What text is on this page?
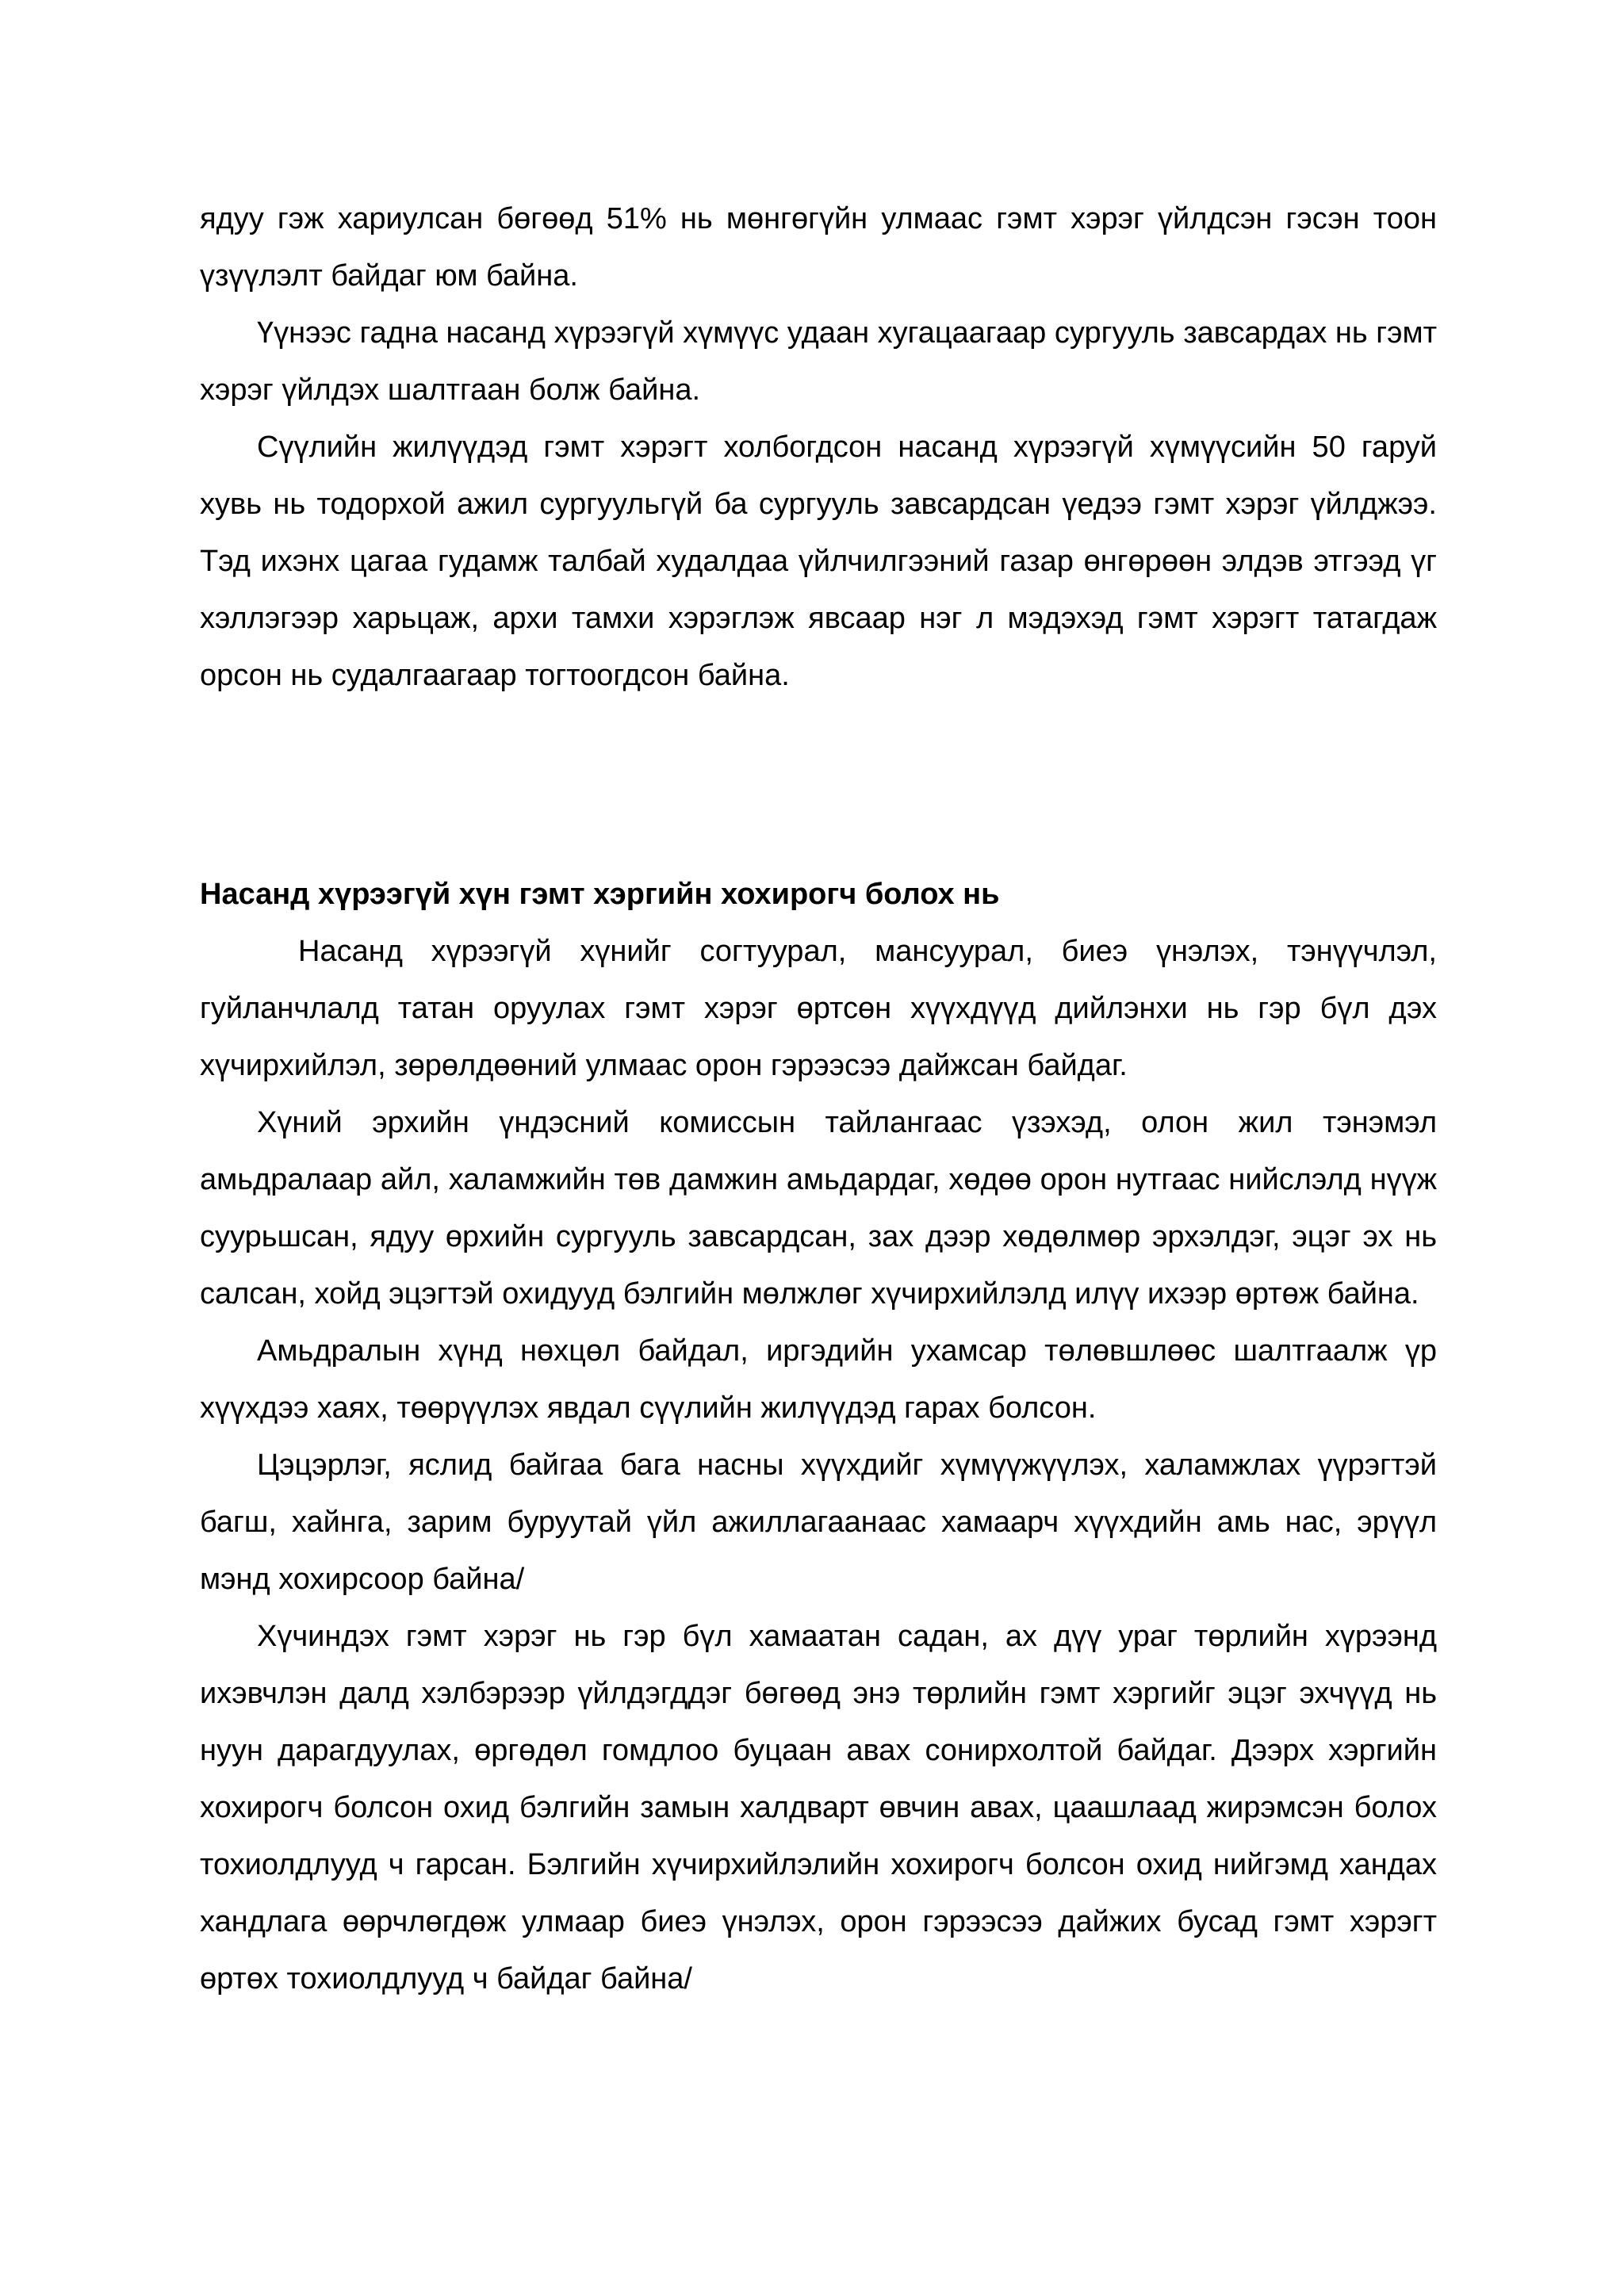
ядуу гэж хариулсан бөгөөд 51% нь мөнгөгүйн улмаас гэмт хэрэг үйлдсэн гэсэн тоон үзүүлэлт байдаг юм байна.

Үүнээс гадна насанд хүрээгүй хүмүүс удаан хугацаагаар сургууль завсардах нь гэмт хэрэг үйлдэх шалтгаан болж байна.

Сүүлийн жилүүдэд гэмт хэрэгт холбогдсон насанд хүрээгүй хүмүүсийн 50 гаруй хувь нь тодорхой ажил сургуульгүй ба сургууль завсардсан үедээ гэмт хэрэг үйлджээ. Тэд ихэнх цагаа гудамж талбай худалдаа үйлчилгээний газар өнгөрөөн элдэв этгээд үг хэллэгээр харьцаж, архи тамхи хэрэглэж явсаар нэг л мэдэхэд гэмт хэрэгт татагдаж орсон нь судалгаагаар тогтоогдсон байна.

Насанд хүрээгүй хүн гэмт хэргийн хохирогч болох нь

Насанд хүрээгүй хүнийг согтуурал, мансуурал, биеэ үнэлэх, тэнүүчлэл, гуйланчлалд татан оруулах гэмт хэрэг өртсөн хүүхдүүд дийлэнхи нь гэр бүл дэх хүчирхийлэл, зөрөлдөөний улмаас орон гэрээсээ дайжсан байдаг.

Хүний эрхийн үндэсний комиссын тайлангаас үзэхэд, олон жил тэнэмэл амьдралаар айл, халамжийн төв дамжин амьдардаг, хөдөө орон нутгаас нийслэлд нүүж суурьшсан, ядуу өрхийн сургууль завсардсан, зах дээр хөдөлмөр эрхэлдэг, эцэг эх нь салсан, хойд эцэгтэй охидууд бэлгийн мөлжлөг хүчирхийлэлд илүү ихээр өртөж байна.

Амьдралын хүнд нөхцөл байдал, иргэдийн ухамсар төлөвшлөөс шалтгаалж үр хүүхдээ хаях, төөрүүлэх явдал сүүлийн жилүүдэд гарах болсон.

Цэцэрлэг, яслид байгаа бага насны хүүхдийг хүмүүжүүлэх, халамжлах үүрэгтэй багш, хайнга, зарим буруутай үйл ажиллагаанаас хамаарч хүүхдийн амь нас, эрүүл мэнд хохирсоор байна/

Хүчиндэх гэмт хэрэг нь гэр бүл хамаатан садан, ах дүү ураг төрлийн хүрээнд ихэвчлэн далд хэлбэрээр үйлдэгддэг бөгөөд энэ төрлийн гэмт хэргийг эцэг эхчүүд нь нуун дарагдуулах, өргөдөл гомдлоо буцаан авах сонирхолтой байдаг. Дээрх хэргийн хохирогч болсон охид бэлгийн замын халдварт өвчин авах, цаашлаад жирэмсэн болох тохиолдлууд ч гарсан. Бэлгийн хүчирхийлэлийн хохирогч болсон охид нийгэмд хандах хандлага өөрчлөгдөж улмаар биеэ үнэлэх, орон гэрээсээ дайжих бусад гэмт хэрэгт өртөх тохиолдлууд ч байдаг байна/
